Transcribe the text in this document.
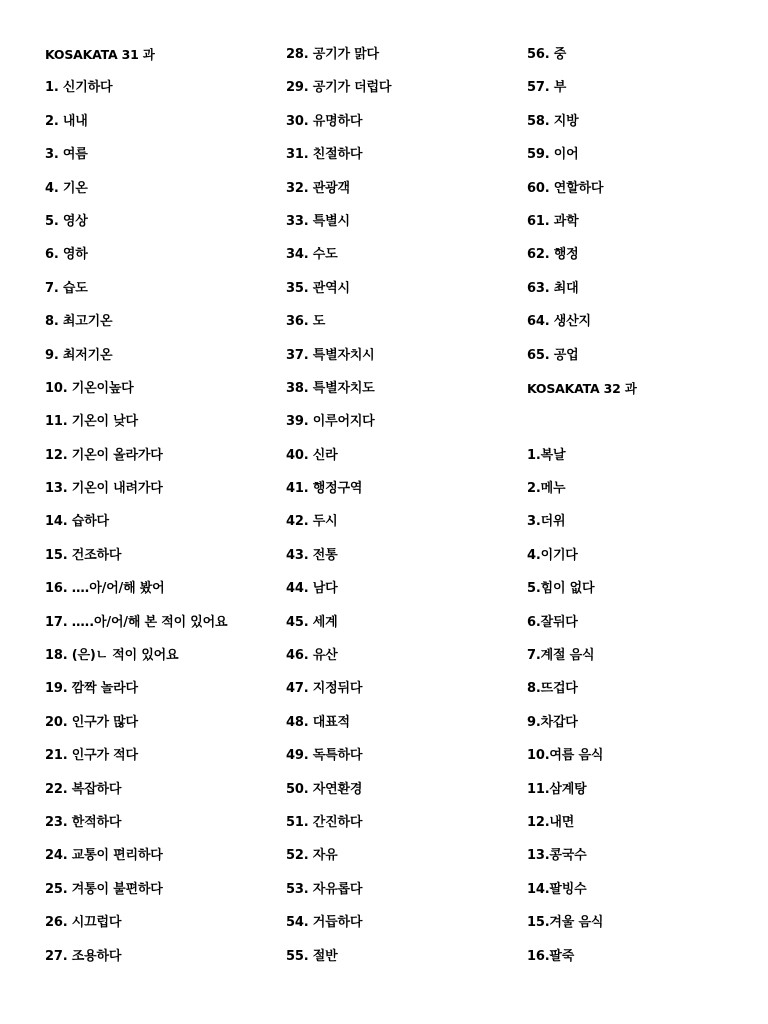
KOSAKATA 31 과
1. 신기하다
2. 내내
3. 여름
4. 기온
5. 영상
6. 영하
7. 습도
8. 최고기온
9. 최저기온
10. 기온이높다
11. 기온이 낮다
12. 기온이 올라가다
13. 기온이 내려가다
14. 습하다
15. 건조하다
16. ….아/어/해 봤어
17. …..아/어/해 본 적이 있어요
18. (은)ㄴ 적이 있어요
19. 깜짝 놀라다
20. 인구가 많다
21. 인구가 적다
22. 복잡하다
23. 한적하다
24. 교통이 편리하다
25. 겨통이 불편하다
26. 시끄럽다
27. 조용하다
28. 공기가 맑다
29. 공기가 더럽다
30. 유명하다
31. 친절하다
32. 관광객
33. 특별시
34. 수도
35. 관역시
36. 도
37. 특별자치시
38. 특별자치도
39. 이루어지다
40. 신라
41. 행정구역
42. 두시
43. 전통
44. 남다
45. 세계
46. 유산
47. 지정뒤다
48. 대표적
49. 독특하다
50. 자연환경
51. 간진하다
52. 자유
53. 자유롭다
54. 거듭하다
55. 절반
56. 중
57. 부
58. 지방
59. 이어
60. 연할하다
61. 과학
62. 행정
63. 최대
64. 생산지
65. 공업
KOSAKATA 32 과
1.복날
2.메누
3.더위
4.이기다
5.힘이 없다
6.잘뒤다
7.계절 음식
8.뜨겁다
9.차갑다
10.여름 음식
11.삼계탕
12.내면
13.콩국수
14.팔빙수
15.겨울 음식
16.팔죽
